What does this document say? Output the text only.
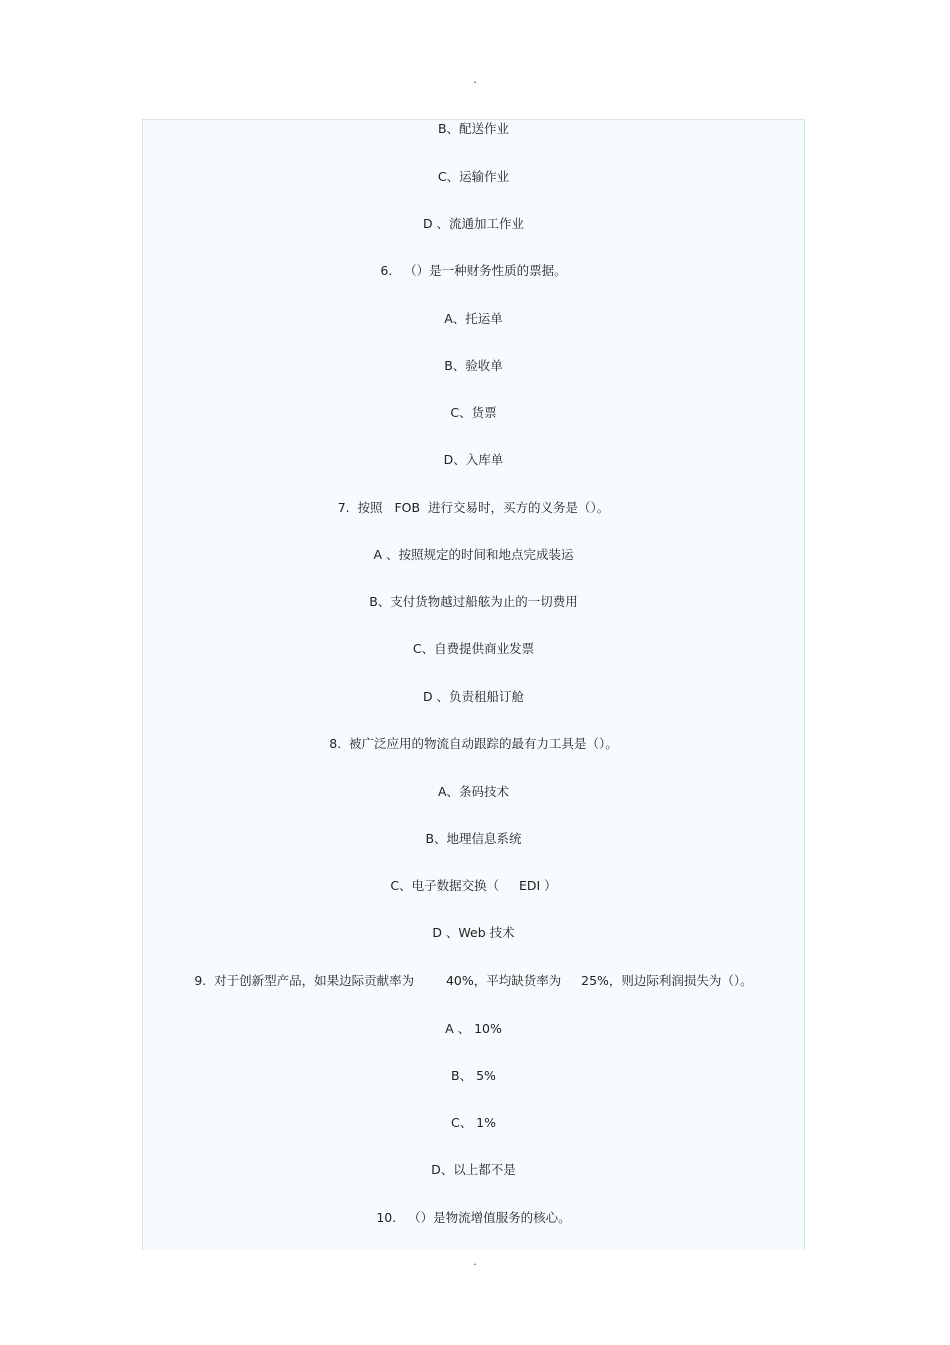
.
B、配送作业
C、运输作业
D 、流通加工作业
6.   （）是一种财务性质的票据。
A、托运单
B、验收单
C、货票
D、入库单
7.  按照   FOB  进行交易时，买方的义务是（）。
A 、按照规定的时间和地点完成装运
B、支付货物越过船舷为止的一切费用
C、自费提供商业发票
D 、负责租船订舱
8.  被广泛应用的物流自动跟踪的最有力工具是（）。
A、条码技术
B、地理信息系统
C、电子数据交换（     EDI ）
D 、Web 技术
9.  对于创新型产品，如果边际贡献率为        40%，平均缺货率为     25%，则边际利润损失为（）。
A 、 10%
B、 5%
C、 1%
D、以上都不是
10.   （）是物流增值服务的核心。
.
